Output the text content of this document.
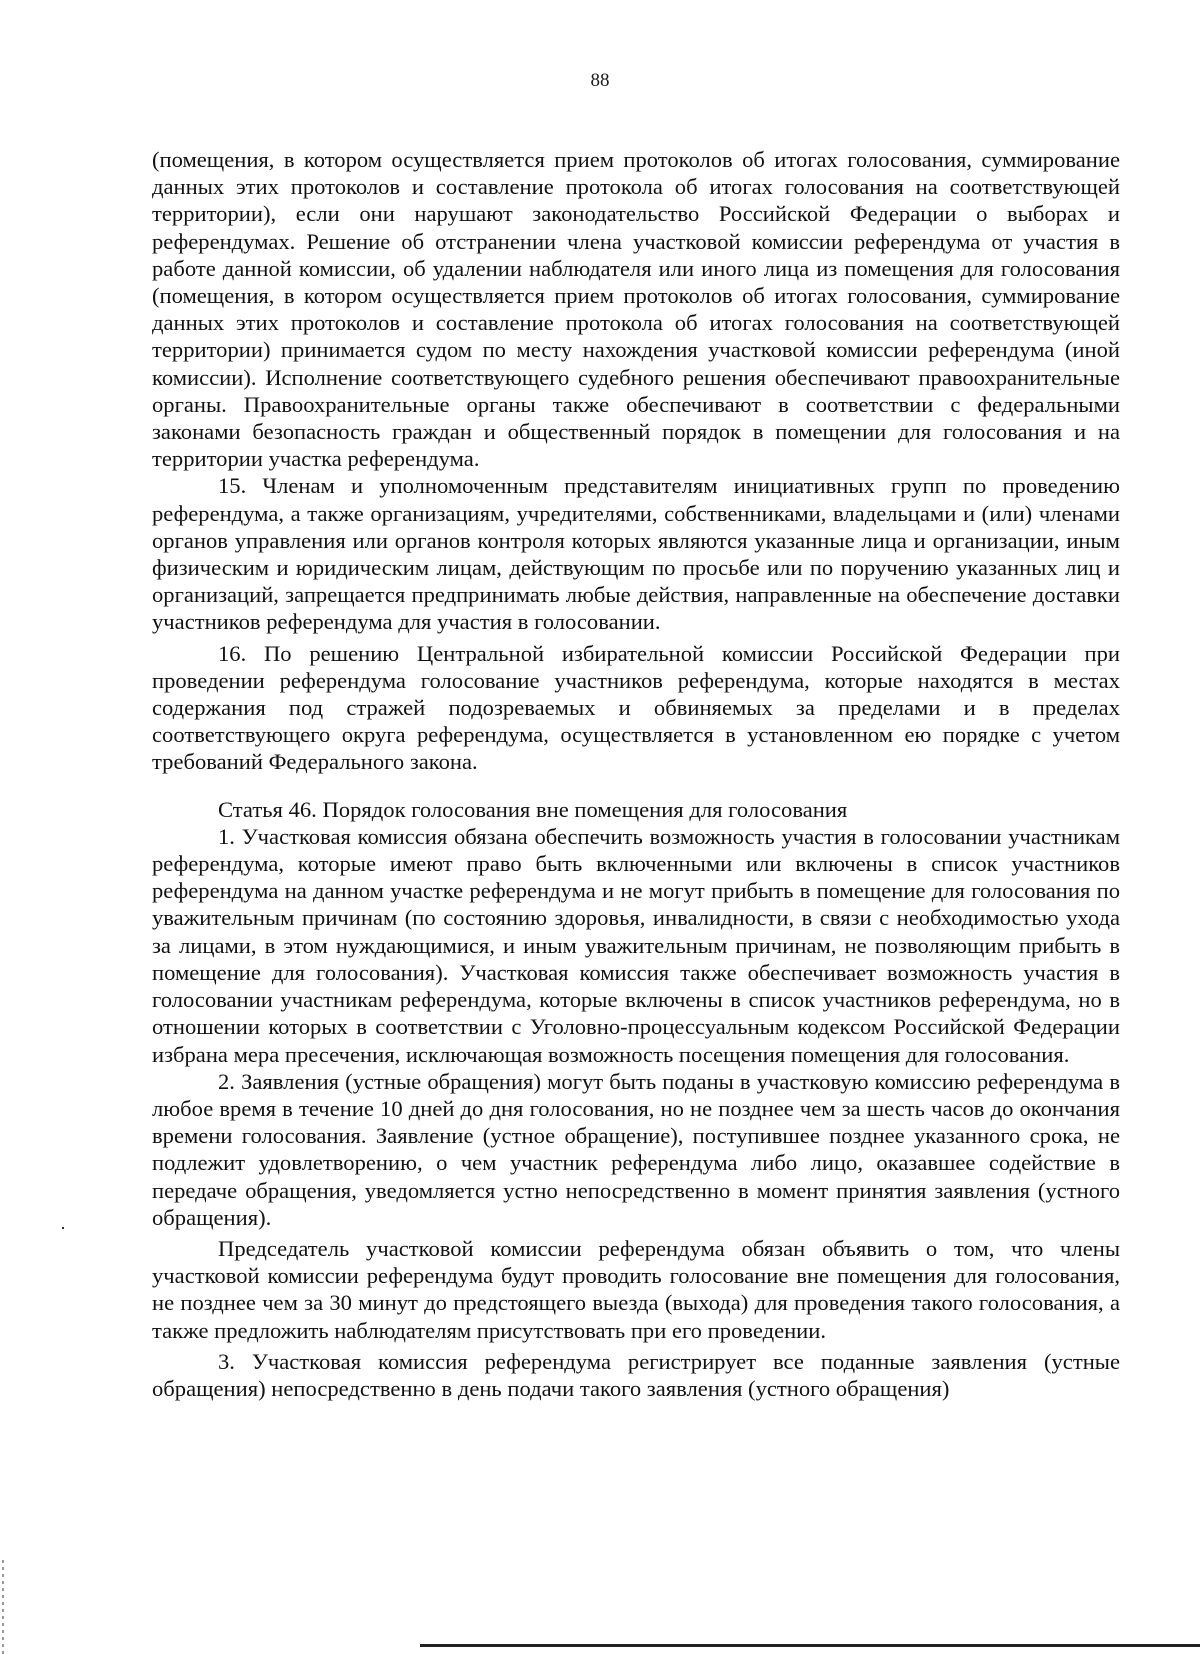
88

(помещения, в котором осуществляется прием протоколов об итогах голосования, суммирование данных этих протоколов и составление протокола об итогах голосования на соответствующей территории), если они нарушают законодательство Российской Федерации о выборах и референдумах. Решение об отстранении члена участковой комиссии референдума от участия в работе данной комиссии, об удалении наблюдателя или иного лица из помещения для голосования (помещения, в котором осуществляется прием протоколов об итогах голосования, суммирование данных этих протоколов и составление протокола об итогах голосования на соответствующей территории) принимается судом по месту нахождения участковой комиссии референдума (иной комиссии). Исполнение соответствующего судебного решения обеспечивают правоохранительные органы. Правоохранительные органы также обеспечивают в соответствии с федеральными законами безопасность граждан и общественный порядок в помещении для голосования и на территории участка референдума.

15. Членам и уполномоченным представителям инициативных групп по проведению референдума, а также организациям, учредителями, собственниками, владельцами и (или) членами органов управления или органов контроля которых являются указанные лица и организации, иным физическим и юридическим лицам, действующим по просьбе или по поручению указанных лиц и организаций, запрещается предпринимать любые действия, направленные на обеспечение доставки участников референдума для участия в голосовании.

16. По решению Центральной избирательной комиссии Российской Федерации при проведении референдума голосование участников референдума, которые находятся в местах содержания под стражей подозреваемых и обвиняемых за пределами и в пределах соответствующего округа референдума, осуществляется в установленном ею порядке с учетом требований Федерального закона.

Статья 46. Порядок голосования вне помещения для голосования

1. Участковая комиссия обязана обеспечить возможность участия в голосовании участникам референдума, которые имеют право быть включенными или включены в список участников референдума на данном участке референдума и не могут прибыть в помещение для голосования по уважительным причинам (по состоянию здоровья, инвалидности, в связи с необходимостью ухода за лицами, в этом нуждающимися, и иным уважительным причинам, не позволяющим прибыть в помещение для голосования). Участковая комиссия также обеспечивает возможность участия в голосовании участникам референдума, которые включены в список участников референдума, но в отношении которых в соответствии с Уголовно-процессуальным кодексом Российской Федерации избрана мера пресечения, исключающая возможность посещения помещения для голосования.

2. Заявления (устные обращения) могут быть поданы в участковую комиссию референдума в любое время в течение 10 дней до дня голосования, но не позднее чем за шесть часов до окончания времени голосования. Заявление (устное обращение), поступившее позднее указанного срока, не подлежит удовлетворению, о чем участник референдума либо лицо, оказавшее содействие в передаче обращения, уведомляется устно непосредственно в момент принятия заявления (устного обращения).

Председатель участковой комиссии референдума обязан объявить о том, что члены участковой комиссии референдума будут проводить голосование вне помещения для голосования, не позднее чем за 30 минут до предстоящего выезда (выхода) для проведения такого голосования, а также предложить наблюдателям присутствовать при его проведении.

3. Участковая комиссия референдума регистрирует все поданные заявления (устные обращения) непосредственно в день подачи такого заявления (устного обращения)
